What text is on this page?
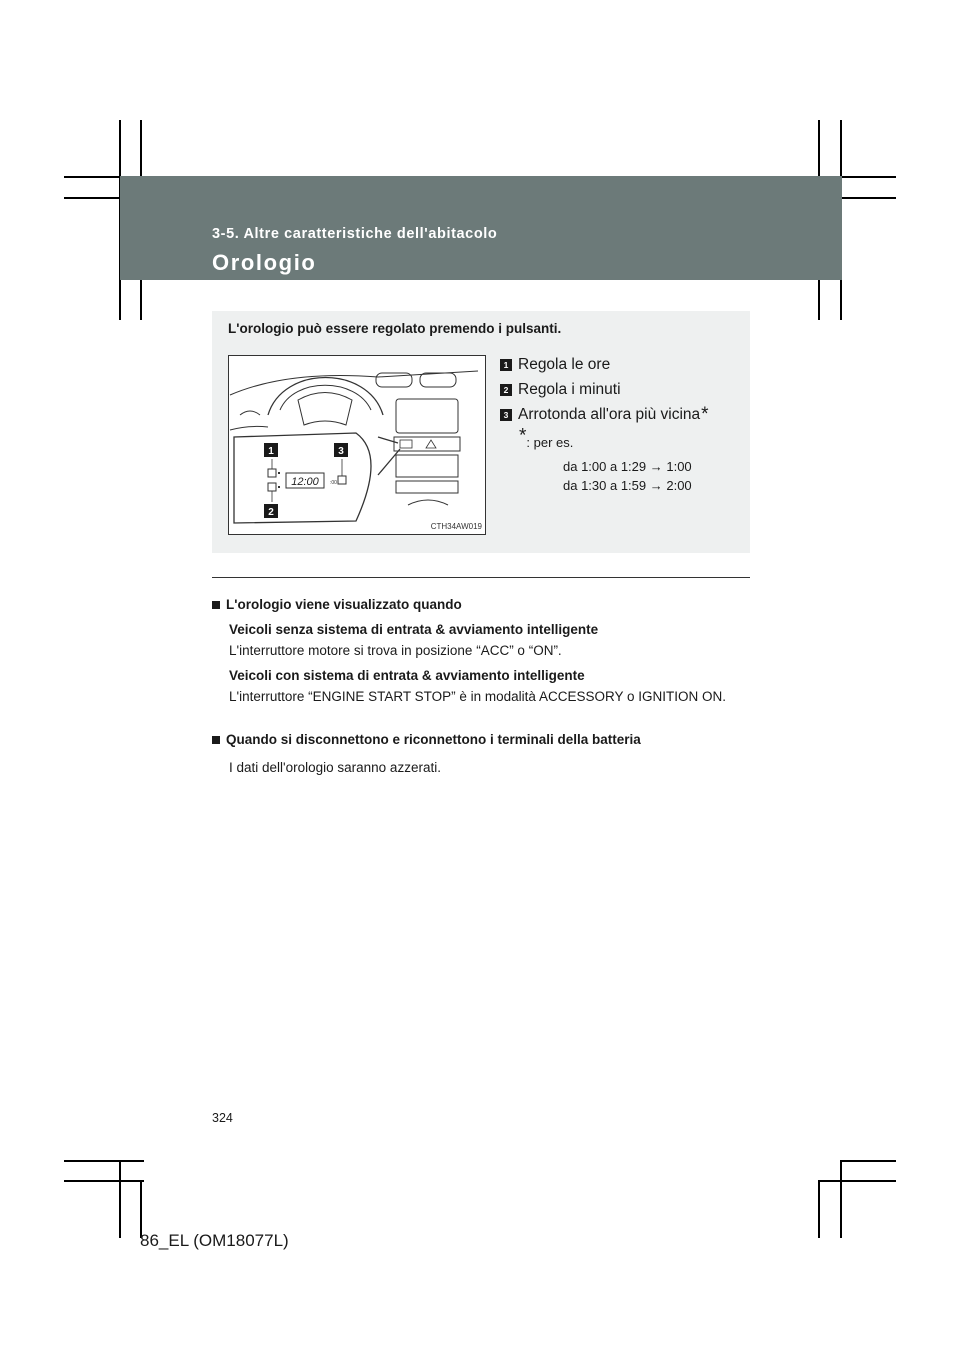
3-5. Altre caratteristiche dell'abitacolo
Orologio

L'orologio può essere regolato premendo i pulsanti.

12:00 :00
1	3
2
CTH34AW019
1 Regola le ore
2 Regola i minuti
3 Arrotonda all'ora più vicina *
*: per es.
da 1:00 a 1:29 → 1:00
da 1:30 a 1:59 → 2:00
L'orologio viene visualizzato quando
Veicoli senza sistema di entrata & avviamento intelligente

L'interruttore motore si trova in posizione “ACC” o “ON”.

Veicoli con sistema di entrata & avviamento intelligente

L'interruttore “ENGINE START STOP” è in modalità ACCESSORY o IGNITION ON.

Quando si disconnettono e riconnettono i terminali della batteria

I dati dell'orologio saranno azzerati.

324
86_EL (OM18077L)
